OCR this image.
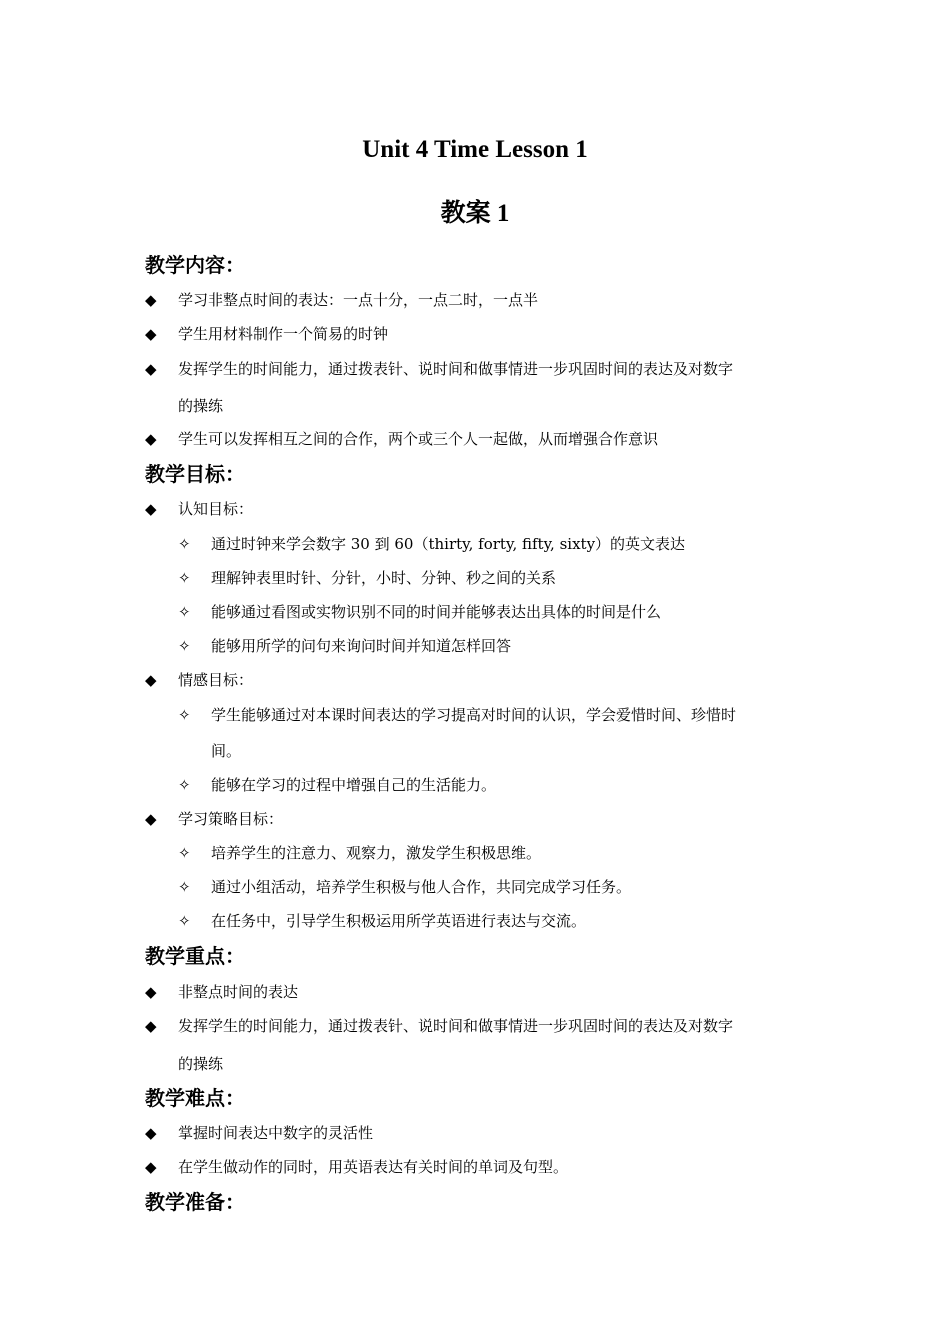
Unit 4 Time Lesson 1
教案 1
教学内容：
◆ 学习非整点时间的表达：一点十分，一点二时，一点半
◆ 学生用材料制作一个简易的时钟
◆ 发挥学生的时间能力，通过拨表针、说时间和做事情进一步巩固时间的表达及对数字
的操练
◆ 学生可以发挥相互之间的合作，两个或三个人一起做，从而增强合作意识
教学目标：
◆ 认知目标：
✧ 通过时钟来学会数字 30 到 60（thirty, forty, fifty, sixty）的英文表达
✧ 理解钟表里时针、分针，小时、分钟、秒之间的关系
✧ 能够通过看图或实物识别不同的时间并能够表达出具体的时间是什么
✧ 能够用所学的问句来询问时间并知道怎样回答
◆ 情感目标：
✧ 学生能够通过对本课时间表达的学习提高对时间的认识，学会爱惜时间、珍惜时
间。
✧ 能够在学习的过程中增强自己的生活能力。
◆ 学习策略目标：
✧ 培养学生的注意力、观察力，激发学生积极思维。
✧ 通过小组活动，培养学生积极与他人合作，共同完成学习任务。
✧ 在任务中，引导学生积极运用所学英语进行表达与交流。
教学重点：
◆ 非整点时间的表达
◆ 发挥学生的时间能力，通过拨表针、说时间和做事情进一步巩固时间的表达及对数字
的操练
教学难点：
◆ 掌握时间表达中数字的灵活性
◆ 在学生做动作的同时，用英语表达有关时间的单词及句型。
教学准备：
